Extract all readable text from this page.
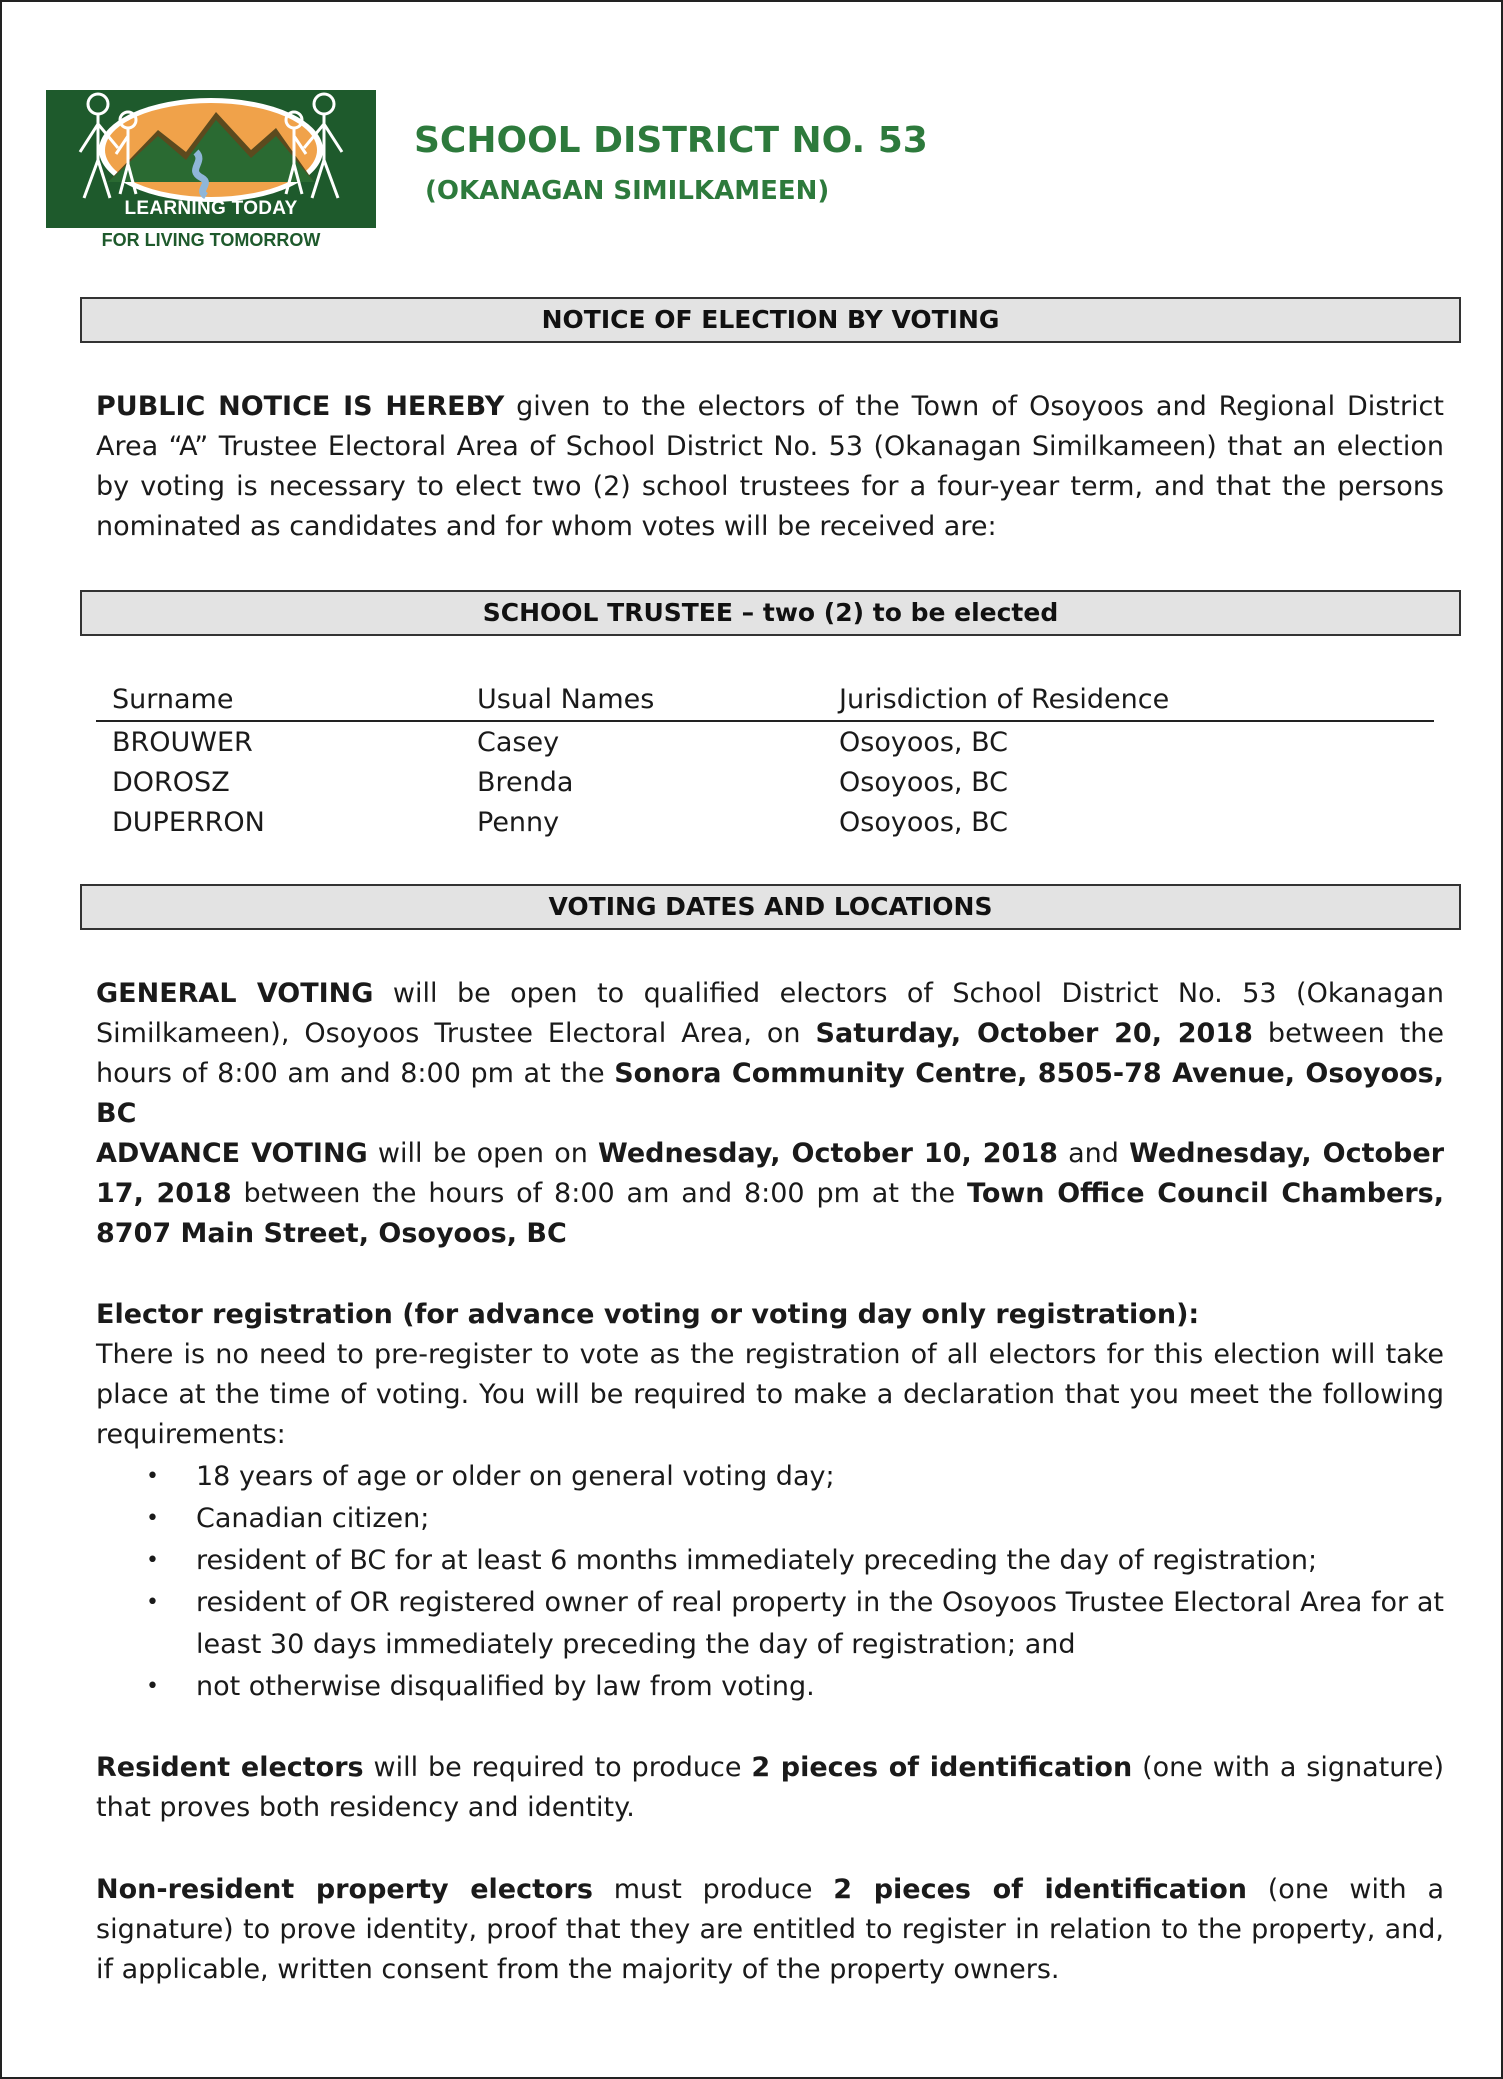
LEARNING TODAY
FOR LIVING TOMORROW
SCHOOL DISTRICT NO. 53
(OKANAGAN SIMILKAMEEN)
NOTICE OF ELECTION BY VOTING
PUBLIC NOTICE IS HEREBY given to the electors of the Town of Osoyoos and Regional District Area “A” Trustee Electoral Area of School District No. 53 (Okanagan Similkameen) that an election by voting is necessary to elect two (2) school trustees for a four-year term, and that the persons nominated as candidates and for whom votes will be received are:
SCHOOL TRUSTEE – two (2) to be elected
Surname	Usual Names	Jurisdiction of Residence
BROUWER	Casey	Osoyoos, BC
DOROSZ	Brenda	Osoyoos, BC
DUPERRON	Penny	Osoyoos, BC
VOTING DATES AND LOCATIONS
GENERAL VOTING will be open to qualified electors of School District No. 53 (Okanagan Similkameen), Osoyoos Trustee Electoral Area, on Saturday, October 20, 2018 between the hours of 8:00 am and 8:00 pm at the Sonora Community Centre, 8505-78 Avenue, Osoyoos, BC
ADVANCE VOTING will be open on Wednesday, October 10, 2018 and Wednesday, October 17, 2018 between the hours of 8:00 am and 8:00 pm at the Town Office Council Chambers, 8707 Main Street, Osoyoos, BC
Elector registration (for advance voting or voting day only registration):
There is no need to pre-register to vote as the registration of all electors for this election will take place at the time of voting. You will be required to make a declaration that you meet the following requirements:
• 18 years of age or older on general voting day;
• Canadian citizen;
• resident of BC for at least 6 months immediately preceding the day of registration;
• resident of OR registered owner of real property in the Osoyoos Trustee Electoral Area for at least 30 days immediately preceding the day of registration; and
• not otherwise disqualified by law from voting.
Resident electors will be required to produce 2 pieces of identification (one with a signature) that proves both residency and identity.
Non-resident property electors must produce 2 pieces of identification (one with a signature) to prove identity, proof that they are entitled to register in relation to the property, and, if applicable, written consent from the majority of the property owners.
